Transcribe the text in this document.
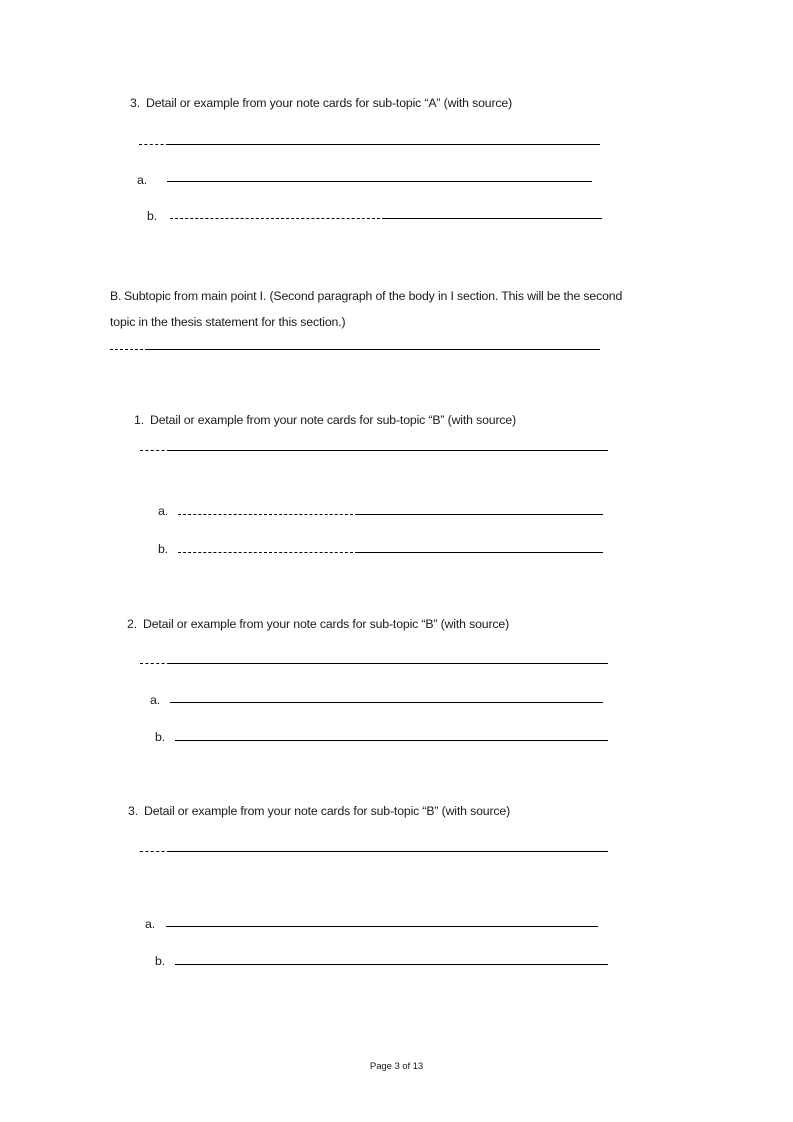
3. Detail or example from your note cards for sub-topic “A” (with source)
a.
b.
B. Subtopic from main point I. (Second paragraph of the body in I section. This will be the second
topic in the thesis statement for this section.)
1. Detail or example from your note cards for sub-topic “B” (with source)
a.
b.
2. Detail or example from your note cards for sub-topic “B” (with source)
a.
b.
3. Detail or example from your note cards for sub-topic “B” (with source)
a.
b.
Page 3 of 13
